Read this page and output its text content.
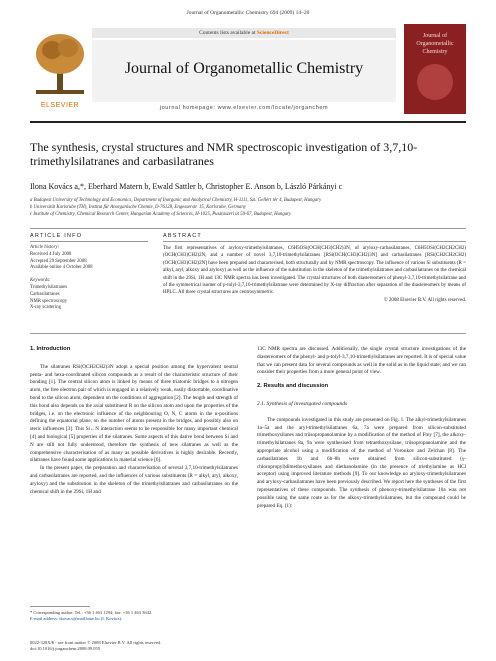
Journal of Organometallic Chemistry 694 (2009) 14–20
ELSEVIER
Contents lists available at ScienceDirect
Journal of Organometallic Chemistry
journal homepage: www.elsevier.com/locate/jorganchem
Journal of Organometallic Chemistry
The synthesis, crystal structures and NMR spectroscopic investigation of 3,7,10-trimethylsilatranes and carbasilatranes
Ilona Kovács a,*, Eberhard Matern b, Ewald Sattler b, Christopher E. Anson b, László Párkányi c
a Budapest University of Technology and Economics, Department of Inorganic and Analytical Chemistry, H-1111, Szt. Gellért tér 4, Budapest, Hungary
b Universität Karlsruhe (TH), Institut für Anorganische Chemie, D-76128, Engesserstr. 15, Karlsruhe, Germany
c Institute of Chemistry, Chemical Research Center, Hungarian Academy of Sciences, H-1025, Pusztaszeri út 59-67, Budapest, Hungary
ARTICLE INFO	ABSTRACT
Article history:
Received 4 July 2008
Accepted 29 September 2008
Available online 4 October 2008
Keywords:
Trimethylsilatranes
Carbasilatranes
NMR spectroscopy
X-ray scattering
The first representatives of aryloxy-trimethylsilatranes, C6H5OSi(OCH(CH3)CH2)3N, of aryloxy-carbasilatranes, C6H5OSi(CH2CH2CH2)(OCH(CH3)CH2)2N, and a number of novel 3,7,10-trimethylsilatranes [RSi(OCH(CH3)CH2)3N] and carbasilatranes [RSi(CH2CH2CH2)(OCH(CH3)CH2)2N] have been prepared and characterised, both structurally and by NMR spectroscopy. The influence of various Si substituents (R = alkyl, aryl, alkoxy and aryloxy) as well as the influence of the substitution in the skeleton of the trimethylsilatranes and carbasilatranes on the chemical shift in the 29Si, 1H and 13C NMR spectra has been investigated. The crystal structures of both diastereomers of phenyl-3,7,10-trimethylsilatrane and of the symmetrical isomer of p-tolyl-3,7,10-trimethylsilatrane were determined by X-ray diffraction after separation of the diastereomers by means of HPLC. All three crystal structures are centrosymmetric.
© 2008 Elsevier B.V. All rights reserved.
1. Introduction

The silatranes RSi(OCH2CH2)3N adopt a special position among the hypervalent neutral penta- and hexa-coordinated silicon compounds as a result of the characteristic structure of their bonding [1]. The central silicon atom is linked by means of three triatomic bridges to a nitrogen atom, the free electron pair of which is engaged in a relatively weak, easily distortable, coordinative bond to the silicon atom, dependent on the conditions of aggregation [2]. The length and strength of this bond also depends on the axial substituent R on the silicon atom and upon the properties of the bridges, i.e. on the electronic influence of the neighbouring O, N, C atoms in the α-positions defining the equatorial plane, on the number of atoms present in the bridges, and possibly also on steric influences [3]. This Si←N interaction seems to be responsible for many important chemical [4] and biological [5] properties of the silatranes. Some aspects of this dative bond between Si and N are still not fully understood, therefore the synthesis of new silatranes as well as the comprehensive characterisation of as many as possible derivatives is highly desirable. Recently, silatranes have found some applications in material science [6].

In the present paper, the preparation and characterisation of several 3,7,10-trimethylsilatranes and carbasilatranes are reported, and the influences of various substituents (R = alkyl, aryl, alkoxy, aryloxy) and the substitution in the skeleton of the trimethylsilatranes and carbasilatranes on the chemical shift in the 29Si, 1H and

13C NMR spectra are discussed. Additionally, the single crystal structure investigations of the diastereomers of the phenyl- and p-tolyl-3,7,10-trimethylsilatranes are reported. It is of special value that we can present data for several compounds as well in the solid as in the liquid state; and we can consider their properties from a more general point of view.

2. Results and discussion
2.1. Synthesis of investigated compounds

The compounds investigated in this study are presented on Fig. 1. The alkyl-trimethylsilatranes 1a–5a and the aryl-trimethylsilatranes 6a, 7a were prepared from silicon-substituted trimethoxysilanes and triisopropanolamine by a modification of the method of Frey [7], the alkoxy-trimethylsilatranes 8a, 9a were synthesised from tetraethoxysilane, triisopropanolamine and the appropriate alcohol using a modification of the method of Voronkov and Zelchan [8]. The carbasilatranes 1b and 6b–8b were obtained from silicon-substituted (γ-chloropropyl)dimethoxysilanes and diethanolamine (in the presence of triethylamine as HCl acceptor) using improved literature methods [9]. To our knowledge no aryloxy-trimethylsilatranes and aryloxy-carbasilatranes have been previously described. We report here the syntheses of the first representatives of these compounds. The synthesis of phenoxy-trimethylsilatrane 10a was not possible using the same route as for the alkoxy-trimethylsilatranes, but the compound could be prepared Eq. (1):

* Corresponding author. Tel.: +36 1 463 1294; fax: +36 1 463 3642.
E-mail address: ikovacs@mail.bme.hu (I. Kovács).
0022-328X/$ - see front matter © 2008 Elsevier B.V. All rights reserved.
doi:10.1016/j.jorganchem.2008.09.055
